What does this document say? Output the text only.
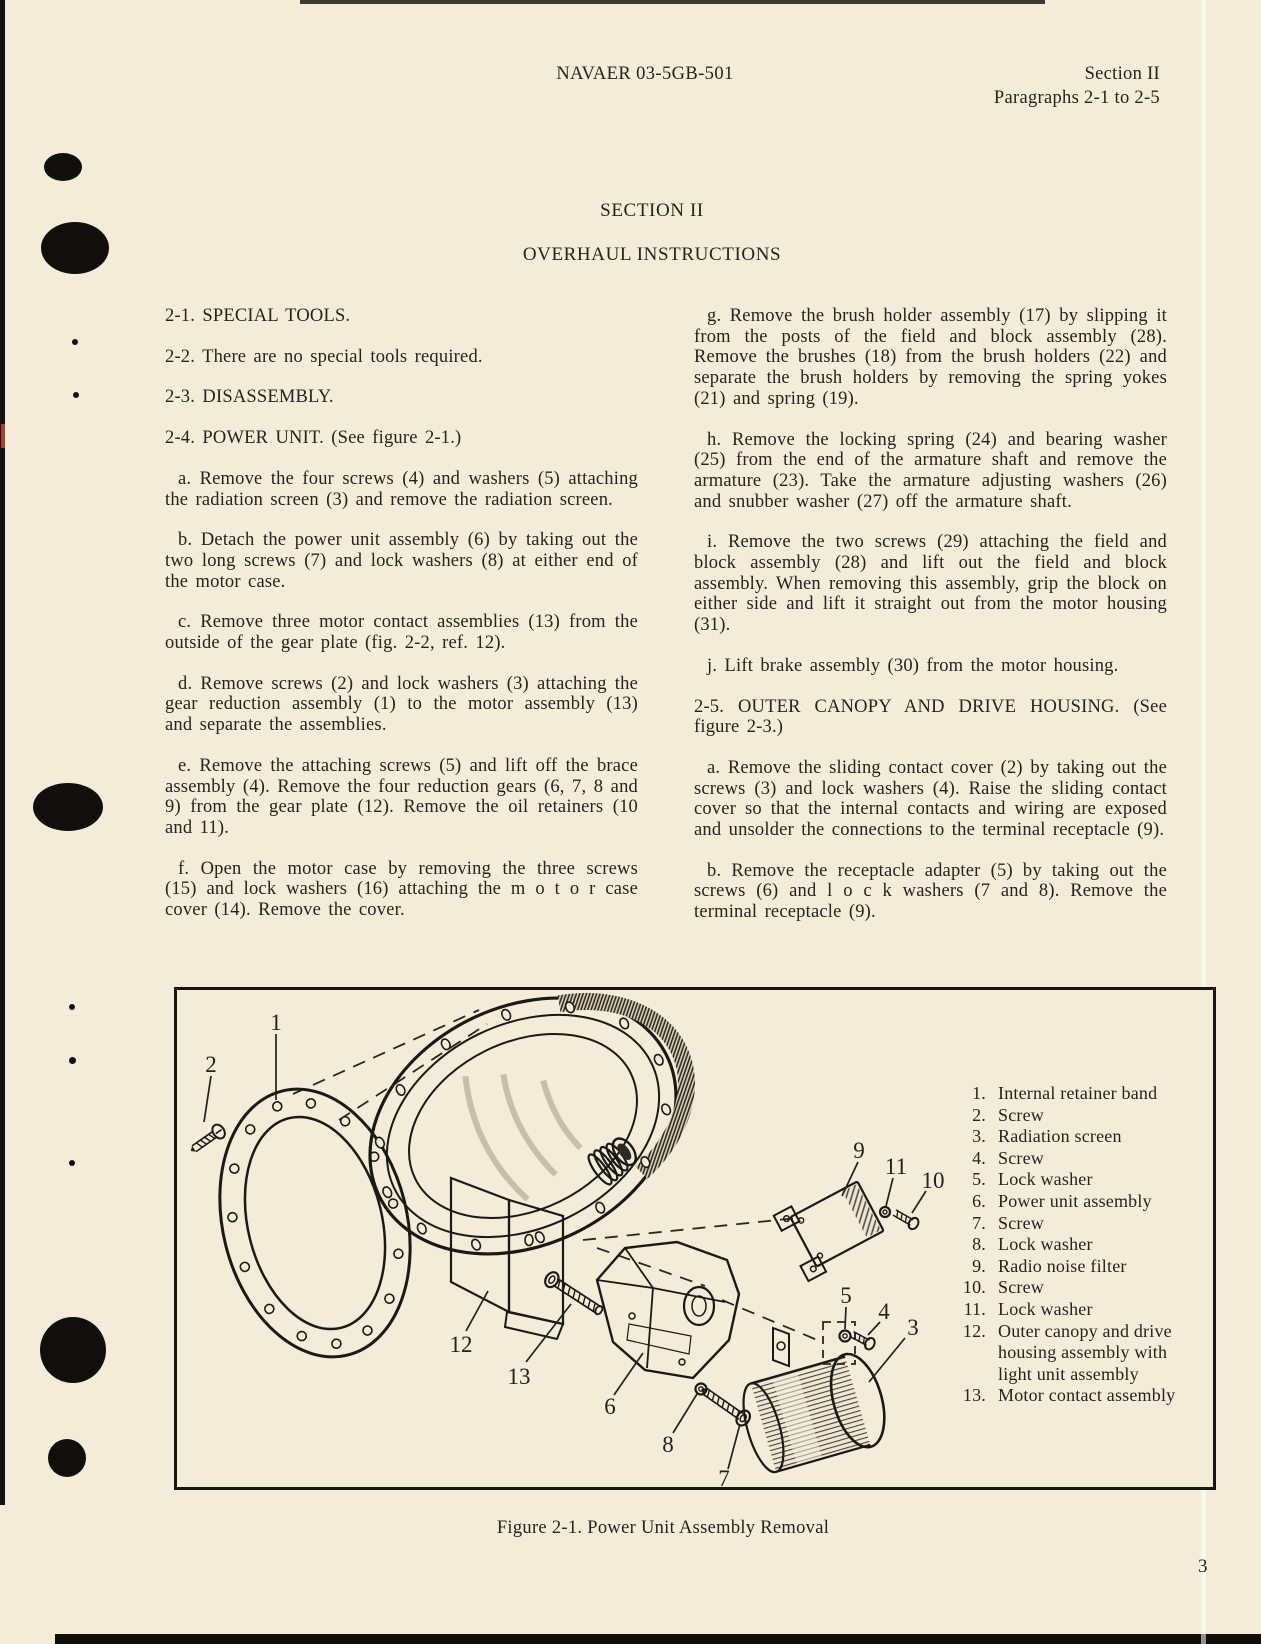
NAVAER 03-5GB-501	Section II
Paragraphs 2-1 to 2-5
SECTION II
OVERHAUL INSTRUCTIONS

2-1. SPECIAL TOOLS.

2-2. There are no special tools required.

2-3. DISASSEMBLY.

2-4. POWER UNIT. (See figure 2-1.)

a. Remove the four screws (4) and washers (5) attaching the radiation screen (3) and remove the radiation screen.

b. Detach the power unit assembly (6) by taking out the two long screws (7) and lock washers (8) at either end of the motor case.

c. Remove three motor contact assemblies (13) from the outside of the gear plate (fig. 2-2, ref. 12).

d. Remove screws (2) and lock washers (3) attaching the gear reduction assembly (1) to the motor assembly (13) and separate the assemblies.

e. Remove the attaching screws (5) and lift off the brace assembly (4). Remove the four reduction gears (6, 7, 8 and 9) from the gear plate (12). Remove the oil retainers (10 and 11).

f. Open the motor case by removing the three screws (15) and lock washers (16) attaching the m o t o r case cover (14). Remove the cover.

g. Remove the brush holder assembly (17) by slipping it from the posts of the field and block assembly (28). Remove the brushes (18) from the brush holders (22) and separate the brush holders by removing the spring yokes (21) and spring (19).

h. Remove the locking spring (24) and bearing washer (25) from the end of the armature shaft and remove the armature (23). Take the armature adjusting washers (26) and snubber washer (27) off the armature shaft.

i. Remove the two screws (29) attaching the field and block assembly (28) and lift out the field and block assembly. When removing this assembly, grip the block on either side and lift it straight out from the motor housing (31).

j. Lift brake assembly (30) from the motor housing.

2-5. OUTER CANOPY AND DRIVE HOUSING. (See figure 2-3.)

a. Remove the sliding contact cover (2) by taking out the screws (3) and lock washers (4). Raise the sliding contact cover so that the internal contacts and wiring are exposed and unsolder the connections to the terminal receptacle (9).

b. Remove the receptacle adapter (5) by taking out the screws (6) and l o c k washers (7 and 8). Remove the terminal receptacle (9).

1
2
12
13
6
8
7
9
11
10
5
4
3
1. Internal retainer band
2. Screw
3. Radiation screen
4. Screw
5. Lock washer
6. Power unit assembly
7. Screw
8. Lock washer
9. Radio noise filter
10. Screw
11. Lock washer
12. Outer canopy and drive housing assembly with light unit assembly
13. Motor contact assembly
Figure 2-1. Power Unit Assembly Removal
3
